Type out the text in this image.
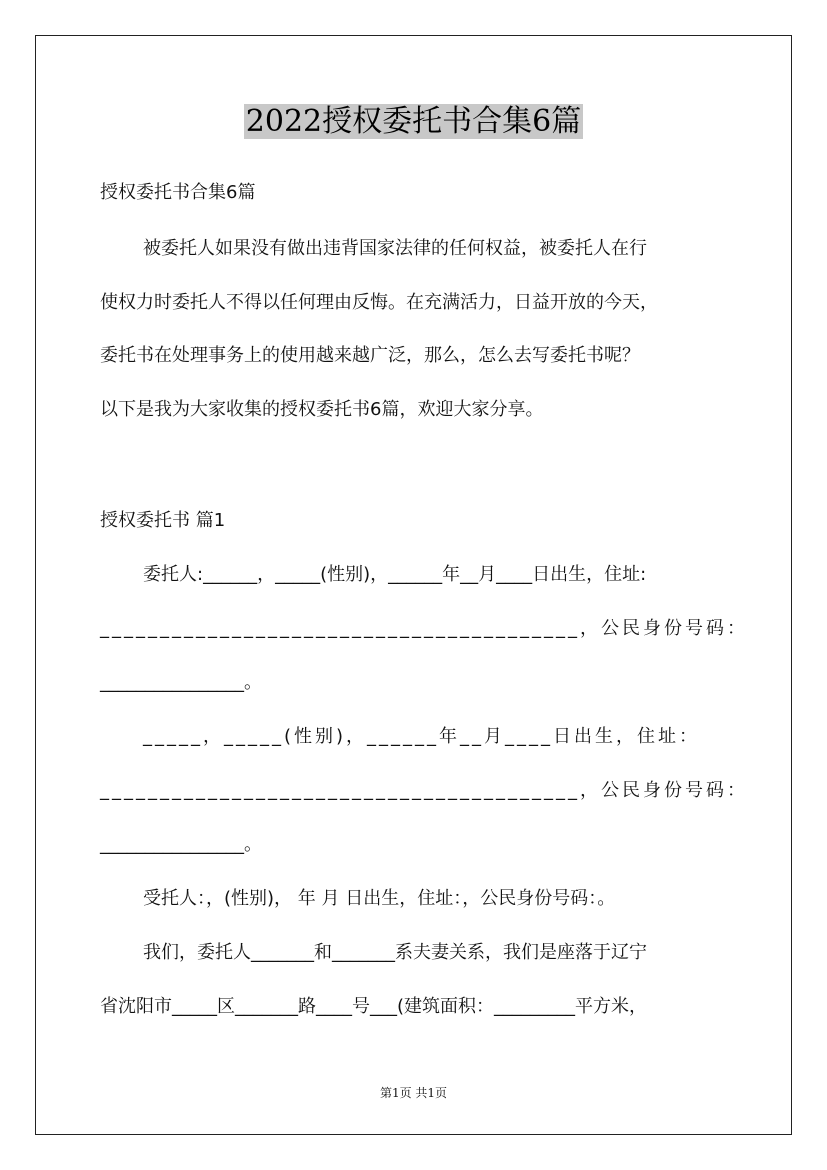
2022授权委托书合集6篇
授权委托书合集6篇
被委托人如果没有做出违背国家法律的任何权益，被委托人在行
使权力时委托人不得以任何理由反悔。在充满活力，日益开放的今天，
委托书在处理事务上的使用越来越广泛，那么，怎么去写委托书呢？
以下是我为大家收集的授权委托书6篇，欢迎大家分享。
授权委托书 篇1
委托人:______，_____(性别)，______年__月____日出生，住址:
________________________________________，公民身份号码：
________________。
_____，_____(性别)，______年__月____日出生，住址：
________________________________________，公民身份号码：
________________。
受托人：，(性别)， 年 月 日出生，住址：，公民身份号码：。
我们，委托人_______和_______系夫妻关系，我们是座落于辽宁
省沈阳市_____区_______路____号___(建筑面积：_________平方米，
第1页 共1页
